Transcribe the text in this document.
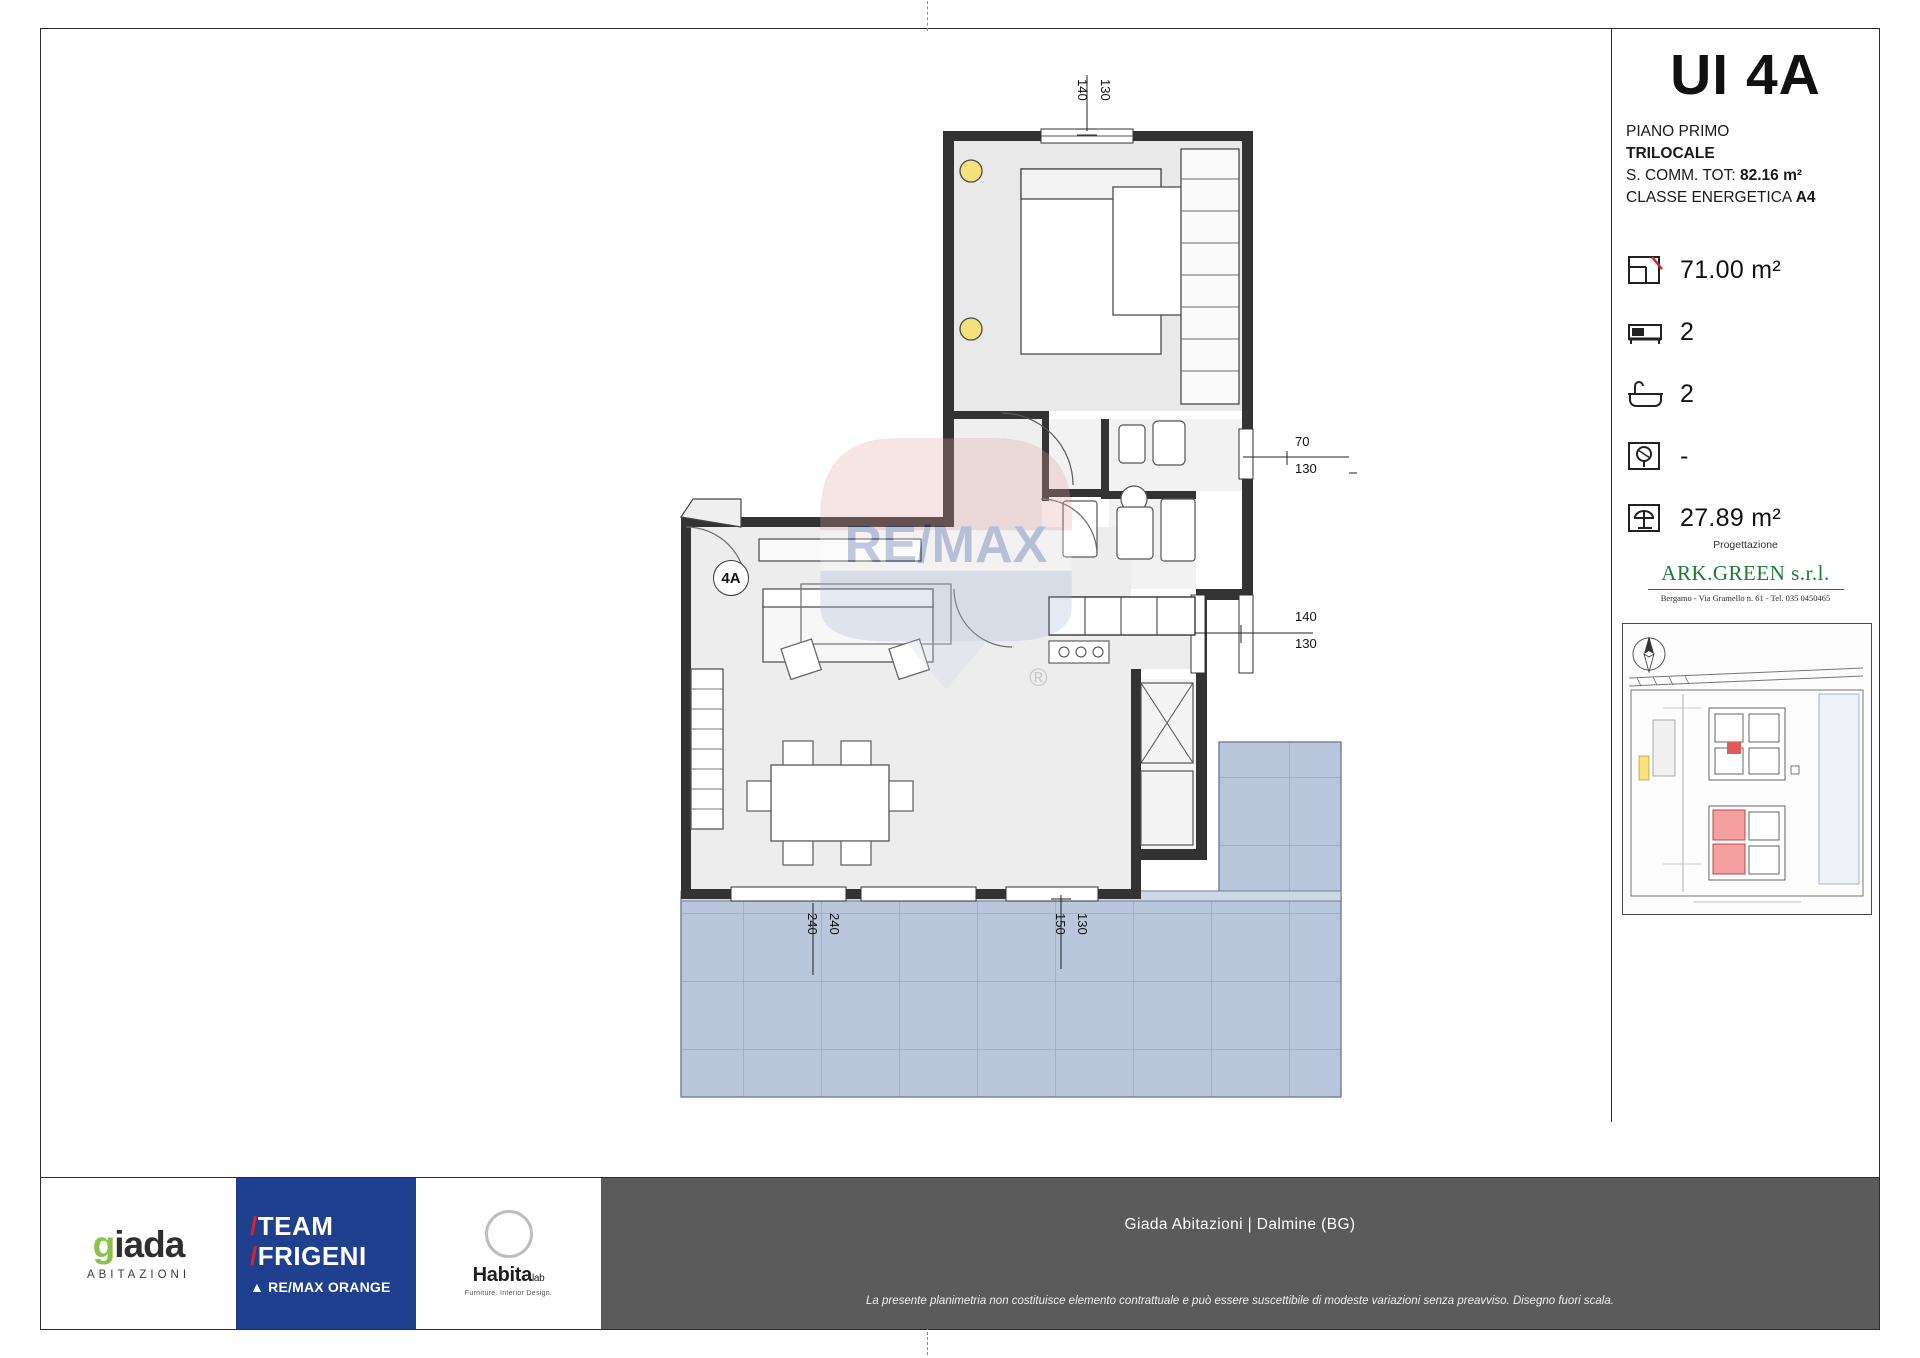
RE/MAX
®
4A
140 130
70
130
140
130
240 240	150 130
UI 4A
PIANO PRIMO
TRILOCALE
S. COMM. TOT: 82.16 m²
CLASSE ENERGETICA A4
71.00 m²
2
2
-
27.89 m²
Progettazione
ARK.GREEN s.r.l.
Bergamo - Via Gramello n. 61 - Tel. 035 0450465
giada
ABITAZIONI
/TEAM
/FRIGENI
▲ RE/MAX ORANGE
Habitalab
Furniture. Interior Design.
Giada Abitazioni | Dalmine (BG)
La presente planimetria non costituisce elemento contrattuale e può essere suscettibile di modeste variazioni senza preavviso. Disegno fuori scala.
